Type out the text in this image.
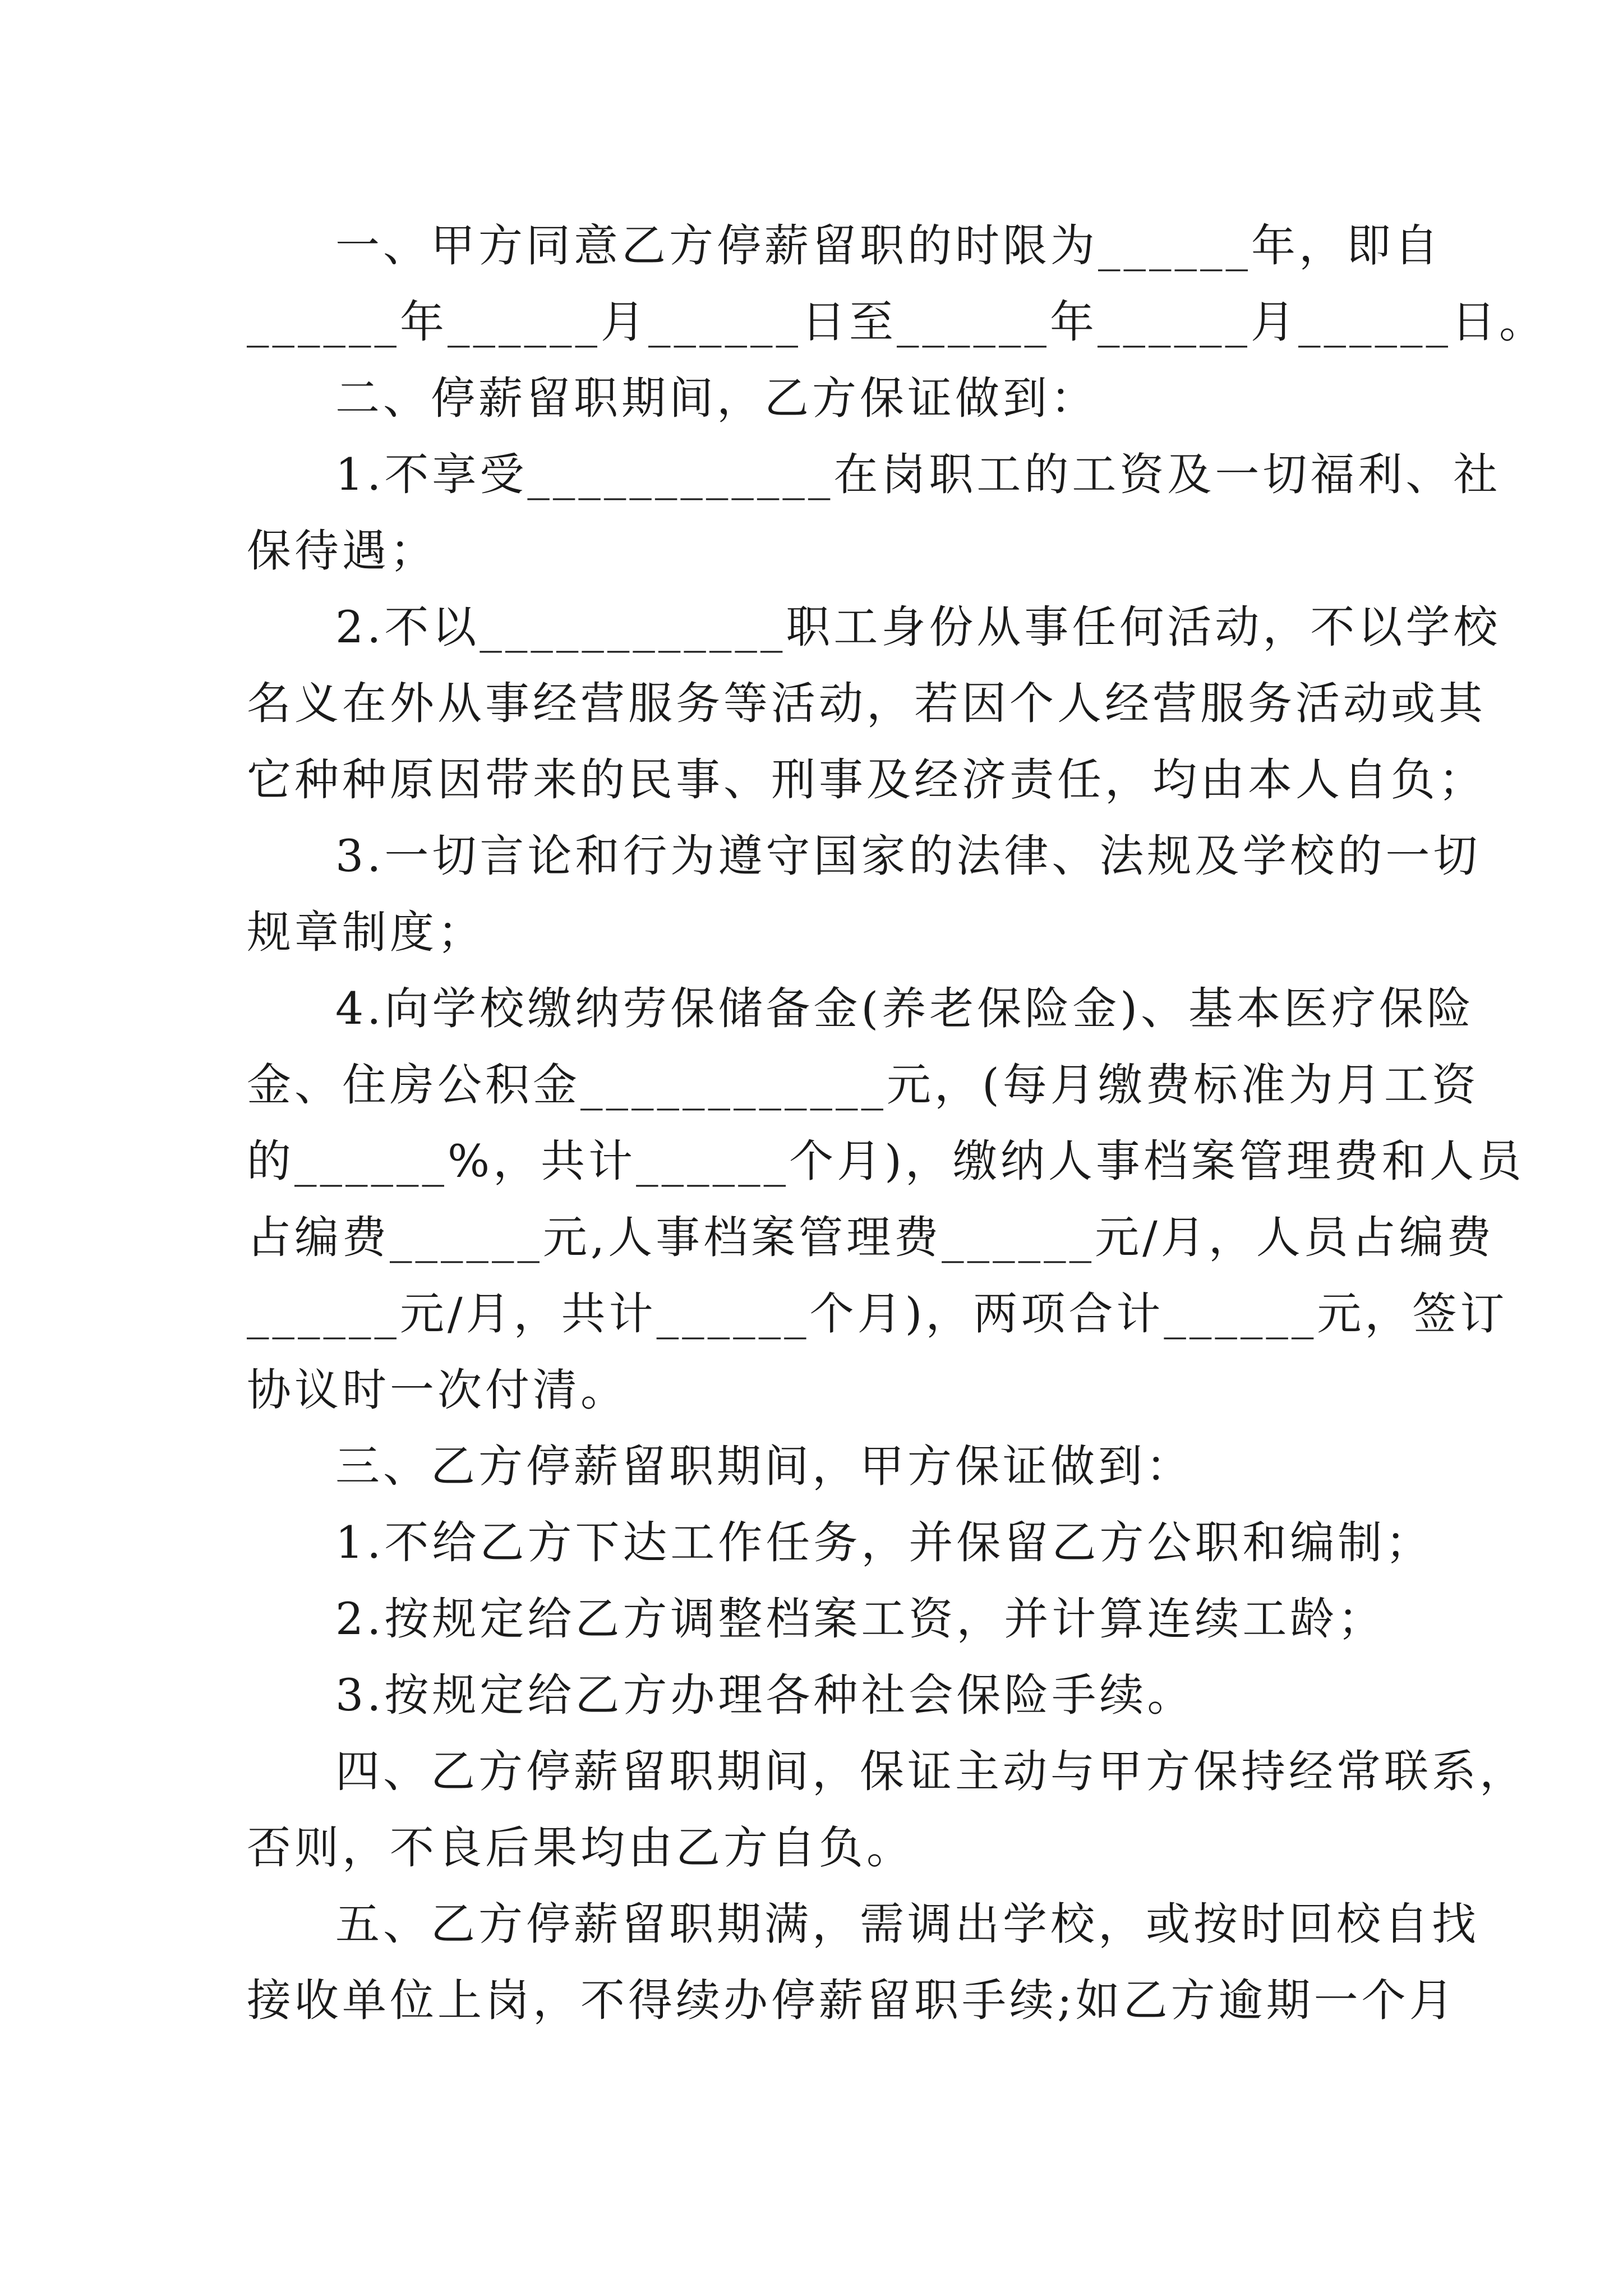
一、甲方同意乙方停薪留职的时限为______年，即自
______年______月______日至______年______月______日。
二、停薪留职期间，乙方保证做到：
1.不享受____________在岗职工的工资及一切福利、社
保待遇；
2.不以____________职工身份从事任何活动，不以学校
名义在外从事经营服务等活动，若因个人经营服务活动或其
它种种原因带来的民事、刑事及经济责任，均由本人自负；
3.一切言论和行为遵守国家的法律、法规及学校的一切
规章制度；
4.向学校缴纳劳保储备金(养老保险金)、基本医疗保险
金、住房公积金____________元，(每月缴费标准为月工资
的______%，共计______个月)，缴纳人事档案管理费和人员
占编费______元,人事档案管理费______元/月，人员占编费
______元/月，共计______个月)，两项合计______元，签订
协议时一次付清。
三、乙方停薪留职期间，甲方保证做到：
1.不给乙方下达工作任务，并保留乙方公职和编制；
2.按规定给乙方调整档案工资，并计算连续工龄；
3.按规定给乙方办理各种社会保险手续。
四、乙方停薪留职期间，保证主动与甲方保持经常联系，
否则，不良后果均由乙方自负。
五、乙方停薪留职期满，需调出学校，或按时回校自找
接收单位上岗，不得续办停薪留职手续;如乙方逾期一个月
